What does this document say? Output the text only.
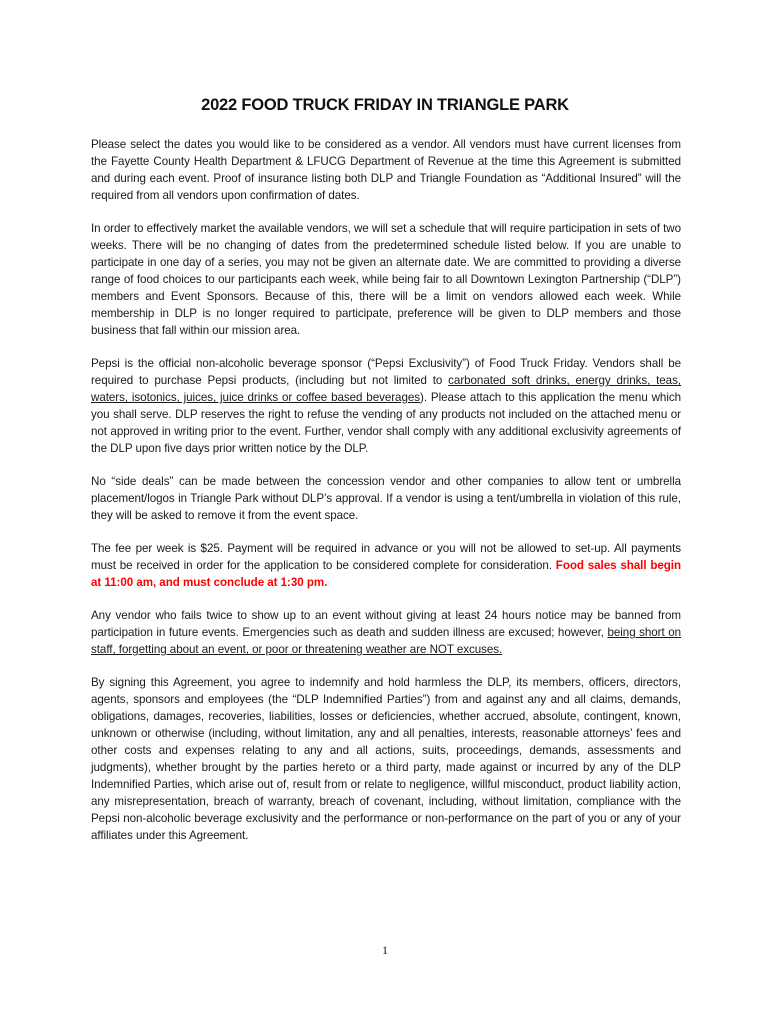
2022 FOOD TRUCK FRIDAY IN TRIANGLE PARK

Please select the dates you would like to be considered as a vendor. All vendors must have current licenses from the Fayette County Health Department & LFUCG Department of Revenue at the time this Agreement is submitted and during each event. Proof of insurance listing both DLP and Triangle Foundation as “Additional Insured” will the required from all vendors upon confirmation of dates.

In order to effectively market the available vendors, we will set a schedule that will require participation in sets of two weeks. There will be no changing of dates from the predetermined schedule listed below. If you are unable to participate in one day of a series, you may not be given an alternate date. We are committed to providing a diverse range of food choices to our participants each week, while being fair to all Downtown Lexington Partnership (“DLP”) members and Event Sponsors. Because of this, there will be a limit on vendors allowed each week. While membership in DLP is no longer required to participate, preference will be given to DLP members and those business that fall within our mission area.

Pepsi is the official non-alcoholic beverage sponsor (“Pepsi Exclusivity”) of Food Truck Friday. Vendors shall be required to purchase Pepsi products, (including but not limited to carbonated soft drinks, energy drinks, teas, waters, isotonics, juices, juice drinks or coffee based beverages). Please attach to this application the menu which you shall serve. DLP reserves the right to refuse the vending of any products not included on the attached menu or not approved in writing prior to the event. Further, vendor shall comply with any additional exclusivity agreements of the DLP upon five days prior written notice by the DLP.

No “side deals” can be made between the concession vendor and other companies to allow tent or umbrella placement/logos in Triangle Park without DLP’s approval. If a vendor is using a tent/umbrella in violation of this rule, they will be asked to remove it from the event space.

The fee per week is $25. Payment will be required in advance or you will not be allowed to set-up. All payments must be received in order for the application to be considered complete for consideration. Food sales shall begin at 11:00 am, and must conclude at 1:30 pm.

Any vendor who fails twice to show up to an event without giving at least 24 hours notice may be banned from participation in future events. Emergencies such as death and sudden illness are excused; however, being short on staff, forgetting about an event, or poor or threatening weather are NOT excuses.

By signing this Agreement, you agree to indemnify and hold harmless the DLP, its members, officers, directors, agents, sponsors and employees (the “DLP Indemnified Parties”) from and against any and all claims, demands, obligations, damages, recoveries, liabilities, losses or deficiencies, whether accrued, absolute, contingent, known, unknown or otherwise (including, without limitation, any and all penalties, interests, reasonable attorneys’ fees and other costs and expenses relating to any and all actions, suits, proceedings, demands, assessments and judgments), whether brought by the parties hereto or a third party, made against or incurred by any of the DLP Indemnified Parties, which arise out of, result from or relate to negligence, willful misconduct, product liability action, any misrepresentation, breach of warranty, breach of covenant, including, without limitation, compliance with the Pepsi non-alcoholic beverage exclusivity and the performance or non-performance on the part of you or any of your affiliates under this Agreement.

1
